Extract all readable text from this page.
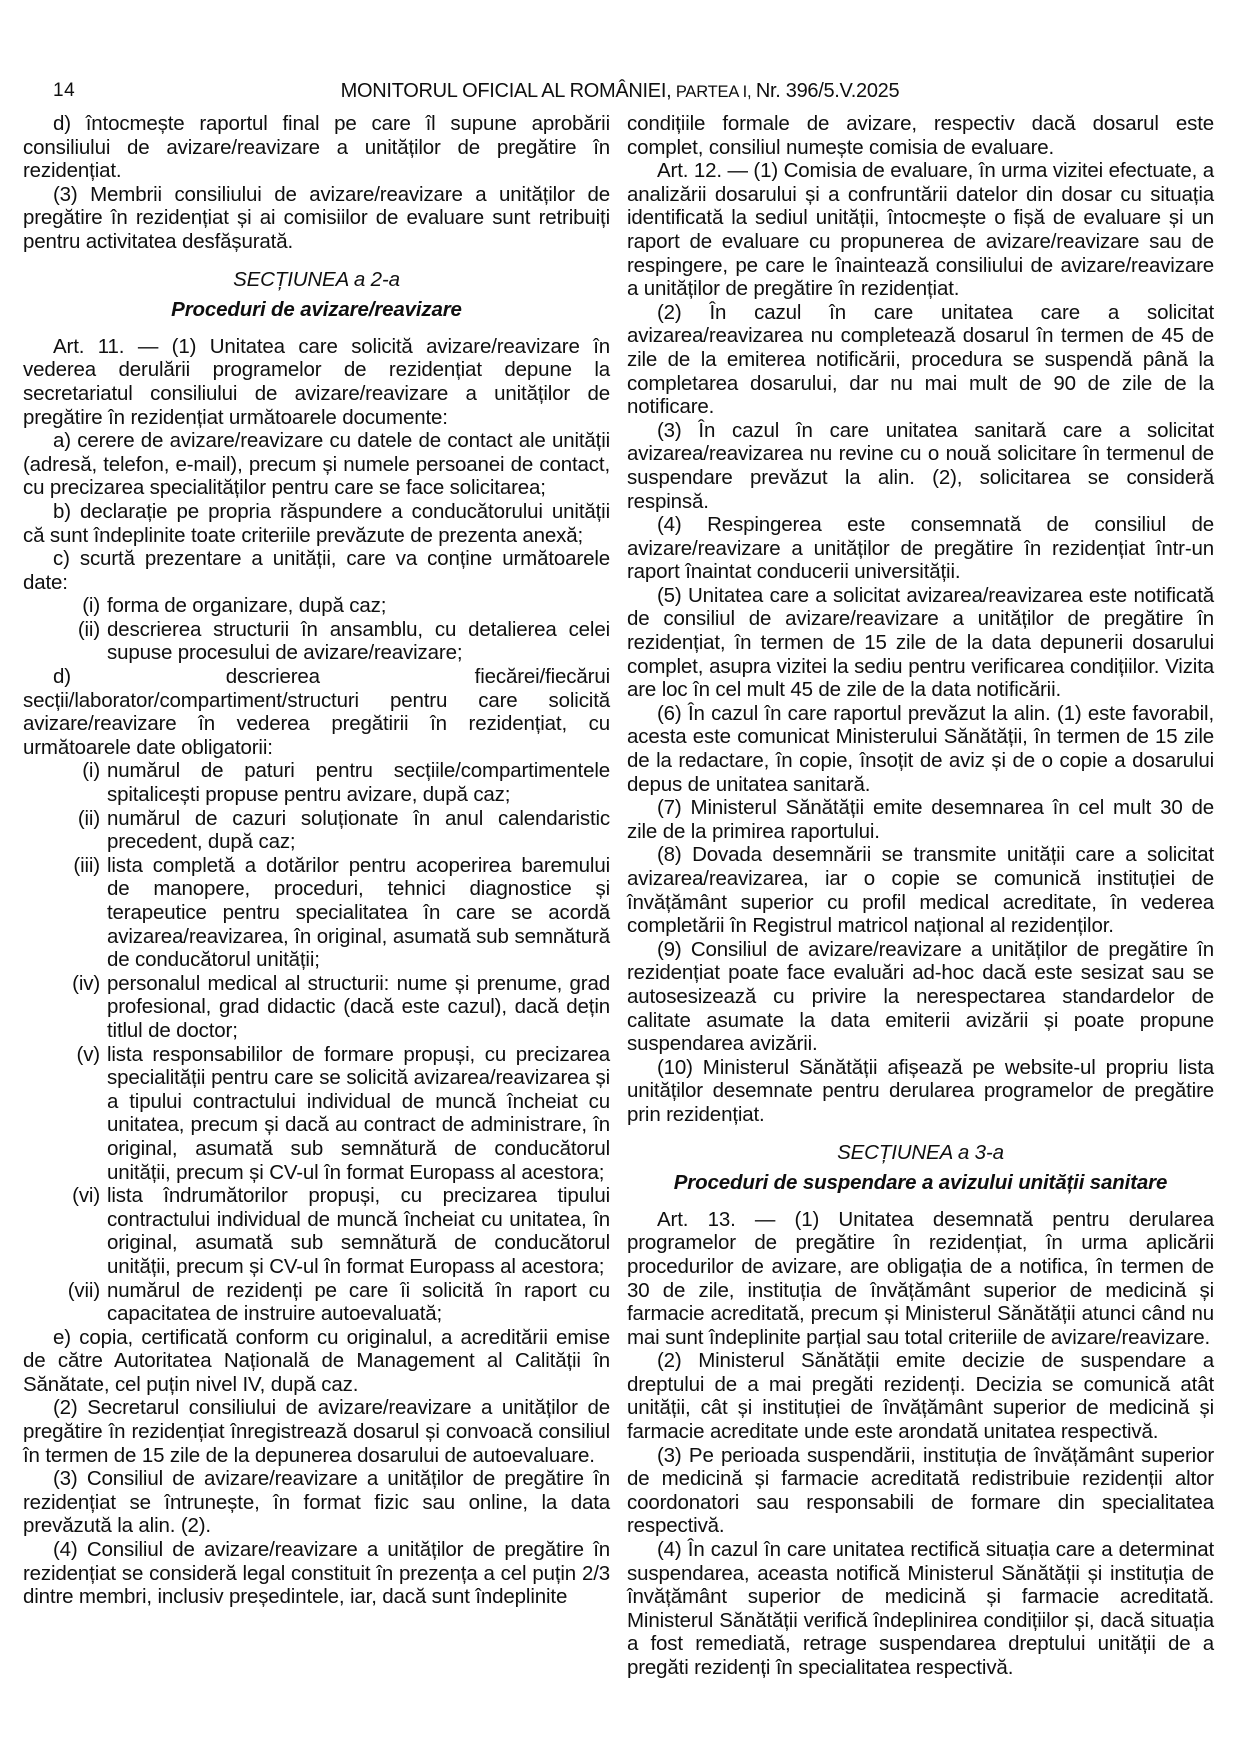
14	MONITORUL OFICIAL AL ROMÂNIEI, PARTEA I, Nr. 396/5.V.2025

d) întocmește raportul final pe care îl supune aprobării consiliului de avizare/reavizare a unităților de pregătire în rezidențiat.

(3) Membrii consiliului de avizare/reavizare a unităților de pregătire în rezidențiat și ai comisiilor de evaluare sunt retribuiți pentru activitatea desfășurată.

SECȚIUNEA a 2-a
Proceduri de avizare/reavizare

Art. 11. — (1) Unitatea care solicită avizare/reavizare în vederea derulării programelor de rezidențiat depune la secretariatul consiliului de avizare/reavizare a unităților de pregătire în rezidențiat următoarele documente:

a) cerere de avizare/reavizare cu datele de contact ale unității (adresă, telefon, e-mail), precum și numele persoanei de contact, cu precizarea specialităților pentru care se face solicitarea;

b) declarație pe propria răspundere a conducătorului unității că sunt îndeplinite toate criteriile prevăzute de prezenta anexă;

c) scurtă prezentare a unității, care va conține următoarele date:

(i) forma de organizare, după caz;
(ii) descrierea structurii în ansamblu, cu detalierea celei supuse procesului de avizare/reavizare;

d) descrierea fiecărei/fiecărui secții/laborator/compartiment/structuri pentru care solicită avizare/reavizare în vederea pregătirii în rezidențiat, cu următoarele date obligatorii:

(i) numărul de paturi pentru secțiile/compartimentele spitalicești propuse pentru avizare, după caz;
(ii) numărul de cazuri soluționate în anul calendaristic precedent, după caz;
(iii) lista completă a dotărilor pentru acoperirea baremului de manopere, proceduri, tehnici diagnostice și terapeutice pentru specialitatea în care se acordă avizarea/reavizarea, în original, asumată sub semnătură de conducătorul unității;
(iv) personalul medical al structurii: nume și prenume, grad profesional, grad didactic (dacă este cazul), dacă dețin titlul de doctor;
(v) lista responsabililor de formare propuși, cu precizarea specialității pentru care se solicită avizarea/reavizarea și a tipului contractului individual de muncă încheiat cu unitatea, precum și dacă au contract de administrare, în original, asumată sub semnătură de conducătorul unității, precum și CV-ul în format Europass al acestora;
(vi) lista îndrumătorilor propuși, cu precizarea tipului contractului individual de muncă încheiat cu unitatea, în original, asumată sub semnătură de conducătorul unității, precum și CV-ul în format Europass al acestora;
(vii) numărul de rezidenți pe care îi solicită în raport cu capacitatea de instruire autoevaluată;

e) copia, certificată conform cu originalul, a acreditării emise de către Autoritatea Națională de Management al Calității în Sănătate, cel puțin nivel IV, după caz.

(2) Secretarul consiliului de avizare/reavizare a unităților de pregătire în rezidențiat înregistrează dosarul și convoacă consiliul în termen de 15 zile de la depunerea dosarului de autoevaluare.

(3) Consiliul de avizare/reavizare a unităților de pregătire în rezidențiat se întrunește, în format fizic sau online, la data prevăzută la alin. (2).

(4) Consiliul de avizare/reavizare a unităților de pregătire în rezidențiat se consideră legal constituit în prezența a cel puțin 2/3 dintre membri, inclusiv președintele, iar, dacă sunt îndeplinite

condițiile formale de avizare, respectiv dacă dosarul este complet, consiliul numește comisia de evaluare.

Art. 12. — (1) Comisia de evaluare, în urma vizitei efectuate, a analizării dosarului și a confruntării datelor din dosar cu situația identificată la sediul unității, întocmește o fișă de evaluare și un raport de evaluare cu propunerea de avizare/reavizare sau de respingere, pe care le înaintează consiliului de avizare/reavizare a unităților de pregătire în rezidențiat.

(2) În cazul în care unitatea care a solicitat avizarea/reavizarea nu completează dosarul în termen de 45 de zile de la emiterea notificării, procedura se suspendă până la completarea dosarului, dar nu mai mult de 90 de zile de la notificare.

(3) În cazul în care unitatea sanitară care a solicitat avizarea/reavizarea nu revine cu o nouă solicitare în termenul de suspendare prevăzut la alin. (2), solicitarea se consideră respinsă.

(4) Respingerea este consemnată de consiliul de avizare/reavizare a unităților de pregătire în rezidențiat într-un raport înaintat conducerii universității.

(5) Unitatea care a solicitat avizarea/reavizarea este notificată de consiliul de avizare/reavizare a unităților de pregătire în rezidențiat, în termen de 15 zile de la data depunerii dosarului complet, asupra vizitei la sediu pentru verificarea condițiilor. Vizita are loc în cel mult 45 de zile de la data notificării.

(6) În cazul în care raportul prevăzut la alin. (1) este favorabil, acesta este comunicat Ministerului Sănătății, în termen de 15 zile de la redactare, în copie, însoțit de aviz și de o copie a dosarului depus de unitatea sanitară.

(7) Ministerul Sănătății emite desemnarea în cel mult 30 de zile de la primirea raportului.

(8) Dovada desemnării se transmite unității care a solicitat avizarea/reavizarea, iar o copie se comunică instituției de învățământ superior cu profil medical acreditate, în vederea completării în Registrul matricol național al rezidenților.

(9) Consiliul de avizare/reavizare a unităților de pregătire în rezidențiat poate face evaluări ad-hoc dacă este sesizat sau se autosesizează cu privire la nerespectarea standardelor de calitate asumate la data emiterii avizării și poate propune suspendarea avizării.

(10) Ministerul Sănătății afișează pe website-ul propriu lista unităților desemnate pentru derularea programelor de pregătire prin rezidențiat.

SECȚIUNEA a 3-a
Proceduri de suspendare a avizului unității sanitare

Art. 13. — (1) Unitatea desemnată pentru derularea programelor de pregătire în rezidențiat, în urma aplicării procedurilor de avizare, are obligația de a notifica, în termen de 30 de zile, instituția de învățământ superior de medicină și farmacie acreditată, precum și Ministerul Sănătății atunci când nu mai sunt îndeplinite parțial sau total criteriile de avizare/reavizare.

(2) Ministerul Sănătății emite decizie de suspendare a dreptului de a mai pregăti rezidenți. Decizia se comunică atât unității, cât și instituției de învățământ superior de medicină și farmacie acreditate unde este arondată unitatea respectivă.

(3) Pe perioada suspendării, instituția de învățământ superior de medicină și farmacie acreditată redistribuie rezidenții altor coordonatori sau responsabili de formare din specialitatea respectivă.

(4) În cazul în care unitatea rectifică situația care a determinat suspendarea, aceasta notifică Ministerul Sănătății și instituția de învățământ superior de medicină și farmacie acreditată. Ministerul Sănătății verifică îndeplinirea condițiilor și, dacă situația a fost remediată, retrage suspendarea dreptului unității de a pregăti rezidenți în specialitatea respectivă.
